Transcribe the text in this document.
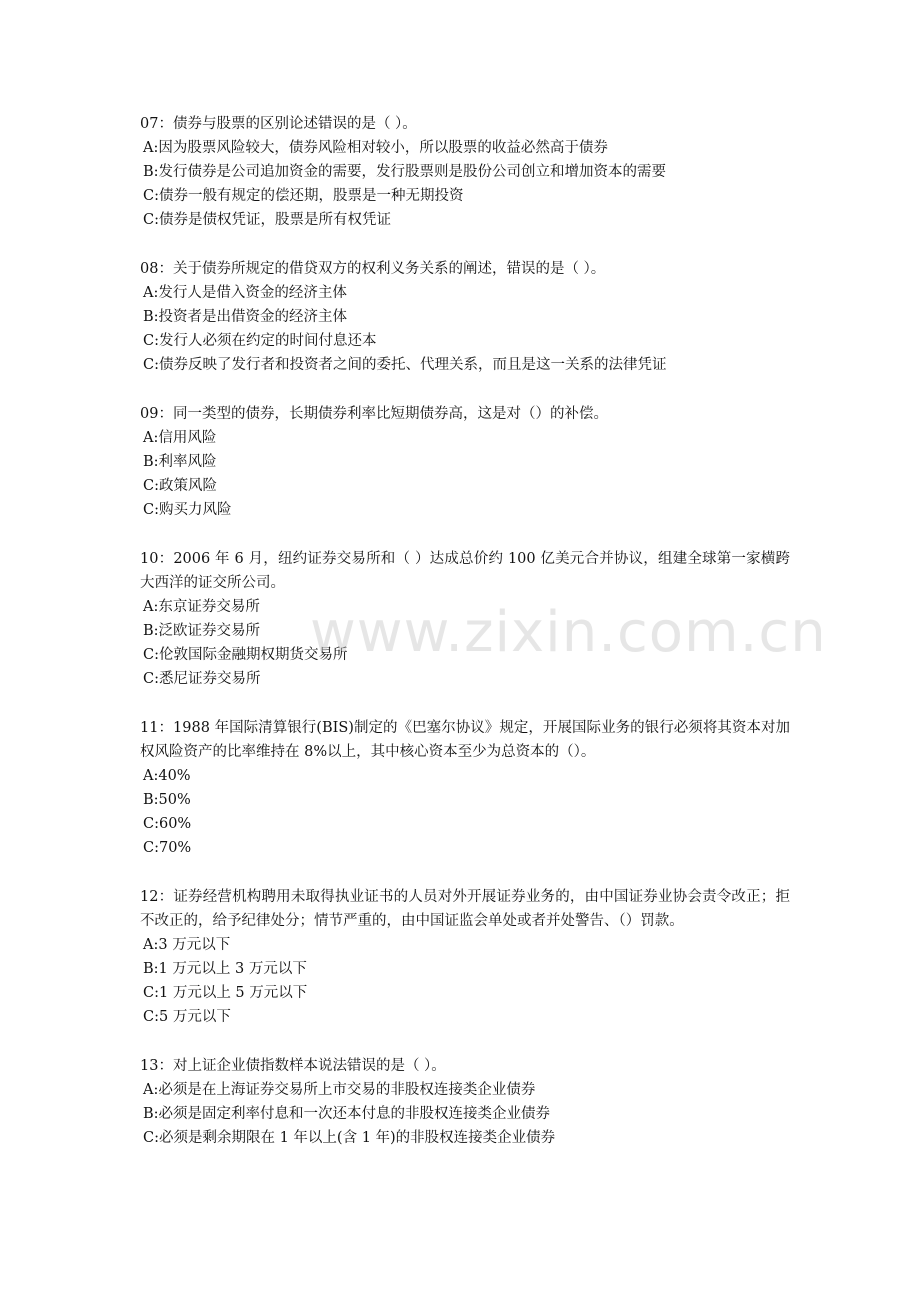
07：债券与股票的区别论述错误的是（ ）。

A:因为股票风险较大，债券风险相对较小，所以股票的收益必然高于债券

B:发行债券是公司追加资金的需要，发行股票则是股份公司创立和增加资本的需要

C:债券一般有规定的偿还期，股票是一种无期投资

C:债券是债权凭证，股票是所有权凭证

08：关于债券所规定的借贷双方的权利义务关系的阐述，错误的是（ ）。

A:发行人是借入资金的经济主体

B:投资者是出借资金的经济主体

C:发行人必须在约定的时间付息还本

C:债券反映了发行者和投资者之间的委托、代理关系，而且是这一关系的法律凭证

09：同一类型的债券，长期债券利率比短期债券高，这是对（）的补偿。

A:信用风险

B:利率风险

C:政策风险

C:购买力风险

10：2006 年 6 月，纽约证券交易所和（ ）达成总价约 100 亿美元合并协议，组建全球第一家横跨大西洋的证交所公司。

A:东京证券交易所

B:泛欧证券交易所

C:伦敦国际金融期权期货交易所

C:悉尼证券交易所

11：1988 年国际清算银行(BIS)制定的《巴塞尔协议》规定，开展国际业务的银行必须将其资本对加权风险资产的比率维持在 8%以上，其中核心资本至少为总资本的（）。

A:40%

B:50%

C:60%

C:70%

12：证券经营机构聘用未取得执业证书的人员对外开展证券业务的，由中国证券业协会责令改正；拒不改正的，给予纪律处分；情节严重的，由中国证监会单处或者并处警告、（）罚款。

A:3 万元以下

B:1 万元以上 3 万元以下

C:1 万元以上 5 万元以下

C:5 万元以下

13：对上证企业债指数样本说法错误的是（ ）。

A:必须是在上海证券交易所上市交易的非股权连接类企业债券

B:必须是固定利率付息和一次还本付息的非股权连接类企业债券

C:必须是剩余期限在 1 年以上(含 1 年)的非股权连接类企业债券

www.zixin.com.cn
